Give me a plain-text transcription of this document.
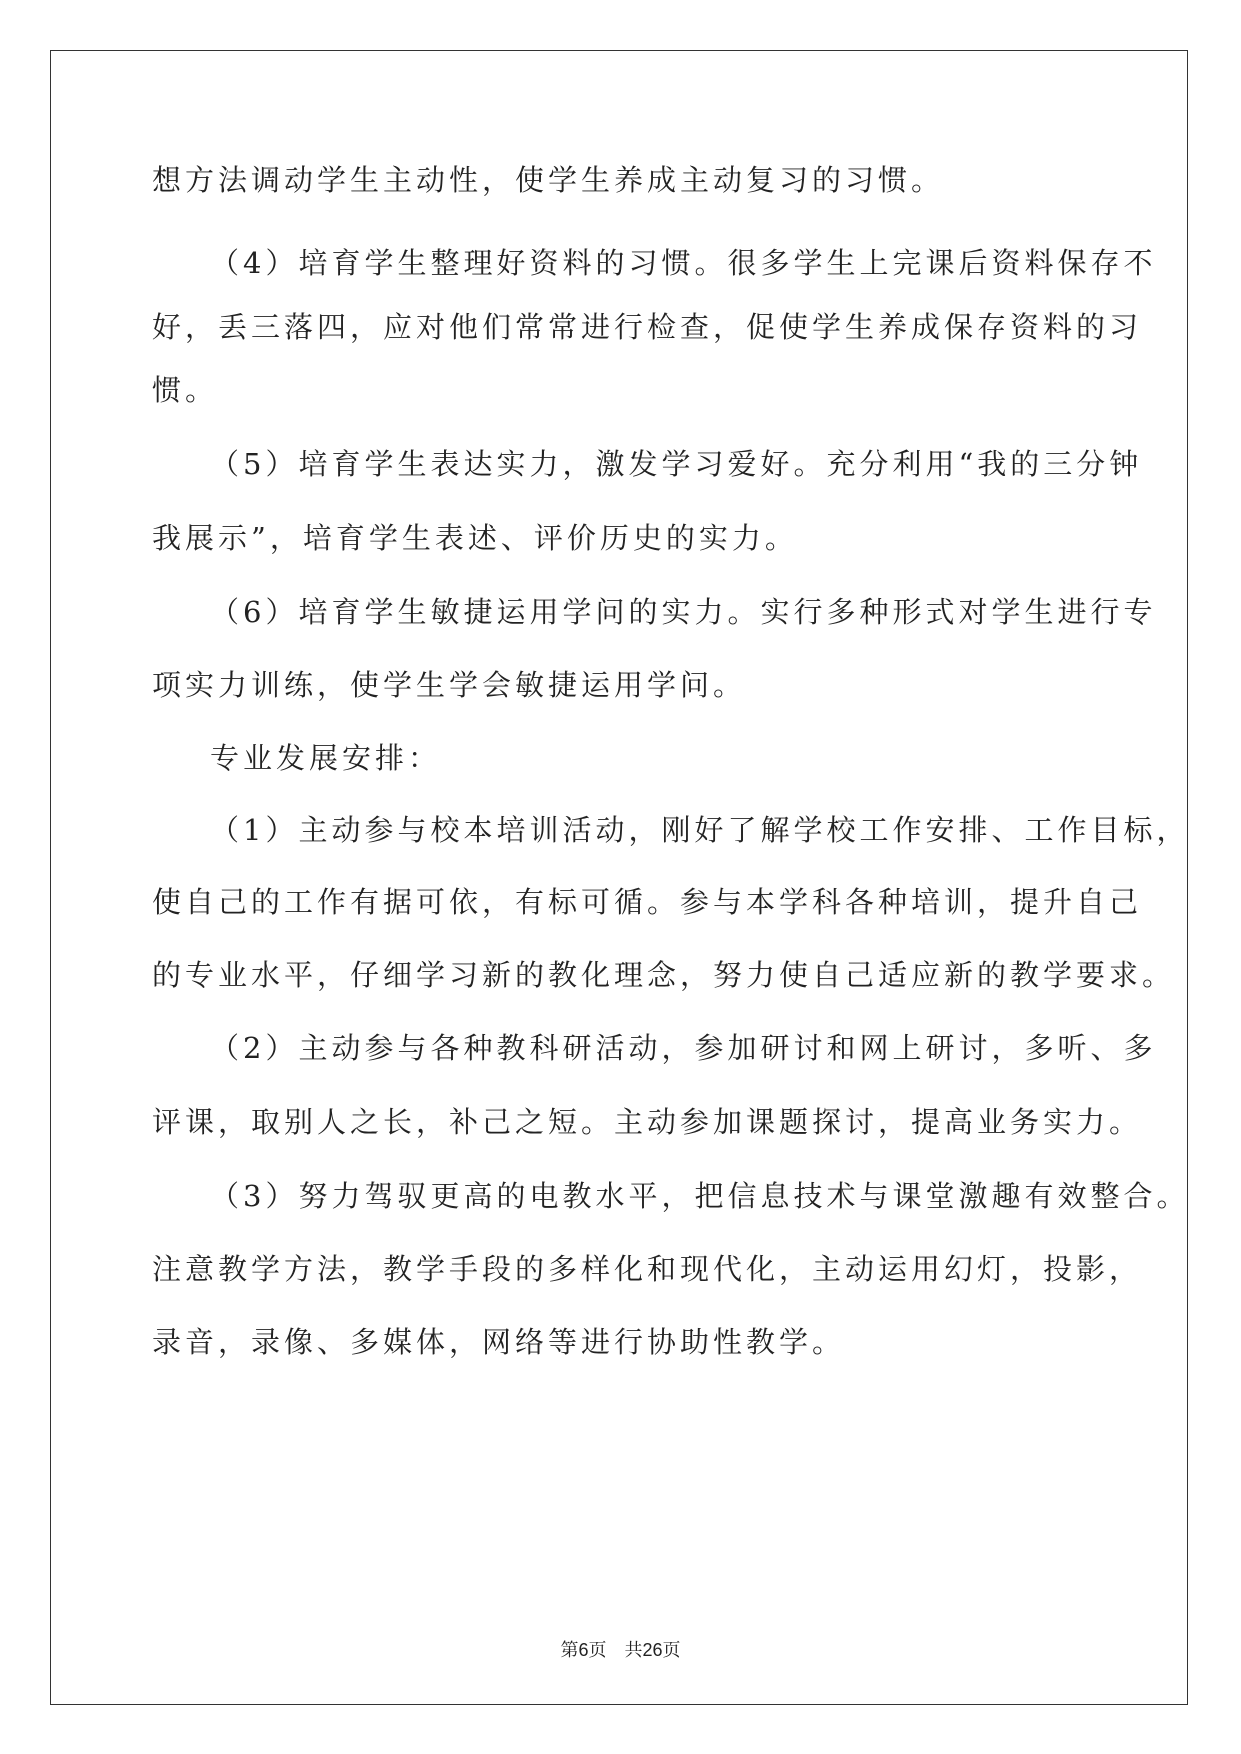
想方法调动学生主动性，使学生养成主动复习的习惯。
（4）培育学生整理好资料的习惯。很多学生上完课后资料保存不
好，丢三落四，应对他们常常进行检查，促使学生养成保存资料的习
惯。
（5）培育学生表达实力，激发学习爱好。充分利用“我的三分钟
我展示”，培育学生表述、评价历史的实力。
（6）培育学生敏捷运用学问的实力。实行多种形式对学生进行专
项实力训练，使学生学会敏捷运用学问。
专业发展安排：
（1）主动参与校本培训活动，刚好了解学校工作安排、工作目标，
使自己的工作有据可依，有标可循。参与本学科各种培训，提升自己
的专业水平，仔细学习新的教化理念，努力使自己适应新的教学要求。
（2）主动参与各种教科研活动，参加研讨和网上研讨，多听、多
评课，取别人之长，补己之短。主动参加课题探讨，提高业务实力。
（3）努力驾驭更高的电教水平，把信息技术与课堂激趣有效整合。
注意教学方法，教学手段的多样化和现代化，主动运用幻灯，投影，
录音，录像、多媒体，网络等进行协助性教学。
第6页　共26页
